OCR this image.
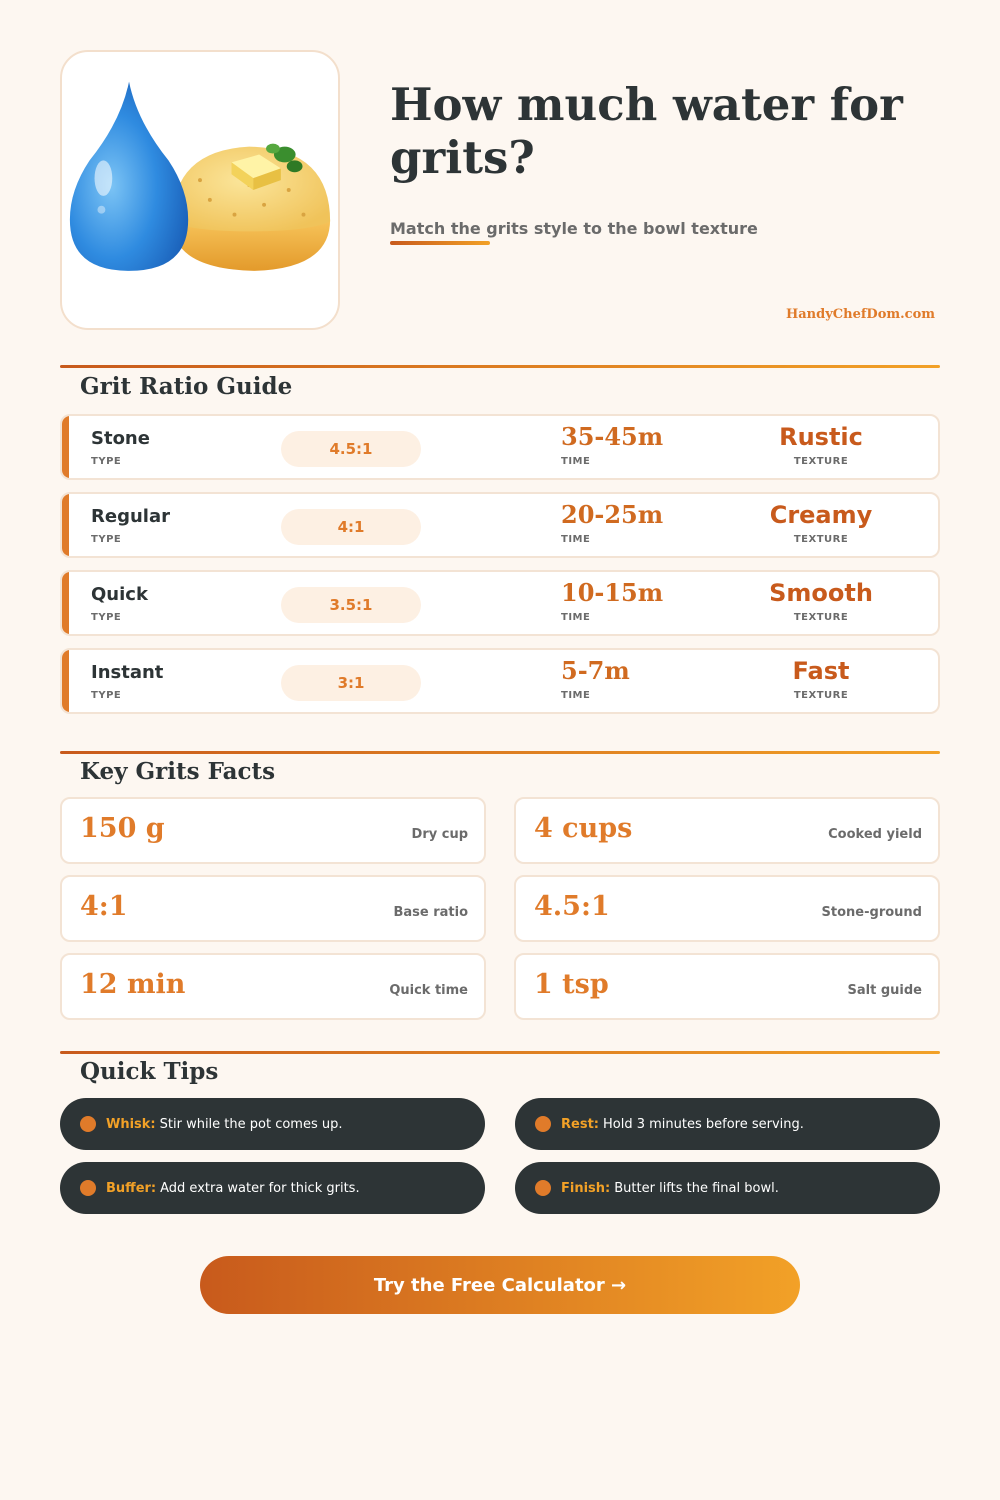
How much water for grits?
Match the grits style to the bowl texture
HandyChefDom.com
Grit Ratio Guide
Stone
TYPE
4.5:1	35-45m
TIME
Rustic
TEXTURE
Regular
TYPE
4:1	20-25m
TIME
Creamy
TEXTURE
Quick
TYPE
3.5:1	10-15m
TIME
Smooth
TEXTURE
Instant
TYPE
3:1	5-7m
TIME
Fast
TEXTURE
Key Grits Facts
150 g	Dry cup 4 cups	Cooked yield
4:1	Base ratio 4.5:1	Stone-ground
12 min	Quick time 1 tsp	Salt guide
Quick Tips
Whisk: Stir while the pot comes up.	Rest: Hold 3 minutes before serving.
Buffer: Add extra water for thick grits.	Finish: Butter lifts the final bowl.
Try the Free Calculator →
